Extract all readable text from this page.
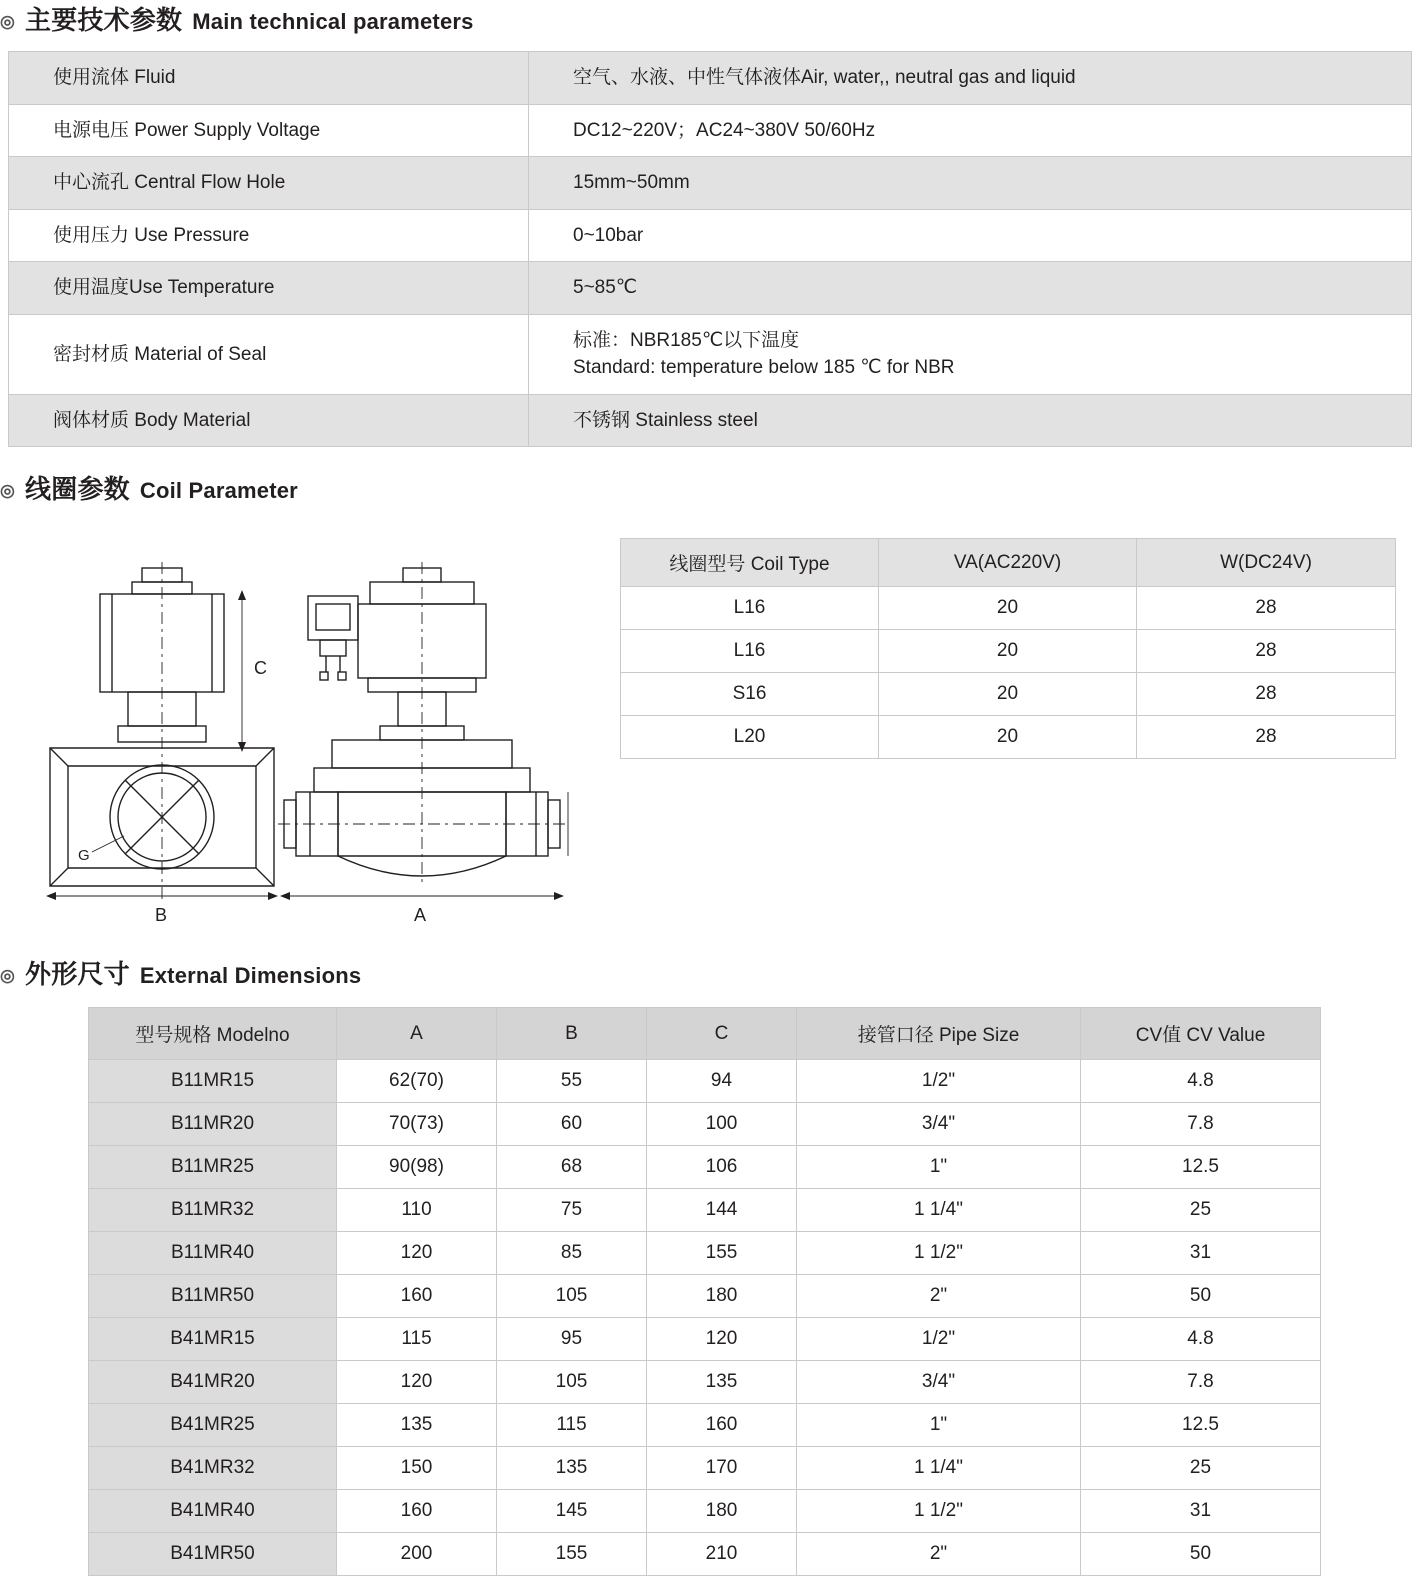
◎ 主要技术参数 Main technical parameters
使用流体 Fluid	空气、水液、中性气体液体Air, water,, neutral gas and liquid

电源电压 Power Supply Voltage	DC12~220V；AC24~380V 50/60Hz

中心流孔 Central Flow Hole	15mm~50mm

使用压力 Use Pressure	0~10bar

使用温度Use Temperature	5~85℃

密封材质 Material of Seal	标准：NBR185℃以下温度
Standard: temperature below 185 ℃ for NBR

阀体材质 Body Material	不锈钢 Stainless steel
◎ 线圈参数 Coil Parameter
C
G
B	A
线圈型号 Coil Type	VA(AC220V)	W(DC24V)
L16	20	28
L16	20	28
S16	20	28
L20	20	28
◎ 外形尺寸 External Dimensions
型号规格 Modelno	A	B	C	接管口径 Pipe Size	CV值 CV Value
B11MR15	62(70)	55	94	1/2"	4.8
B11MR20	70(73)	60	100	3/4"	7.8
B11MR25	90(98)	68	106	1"	12.5
B11MR32	110	75	144	1 1/4"	25
B11MR40	120	85	155	1 1/2"	31
B11MR50	160	105	180	2"	50
B41MR15	115	95	120	1/2"	4.8
B41MR20	120	105	135	3/4"	7.8
B41MR25	135	115	160	1"	12.5
B41MR32	150	135	170	1 1/4"	25
B41MR40	160	145	180	1 1/2"	31
B41MR50	200	155	210	2"	50
